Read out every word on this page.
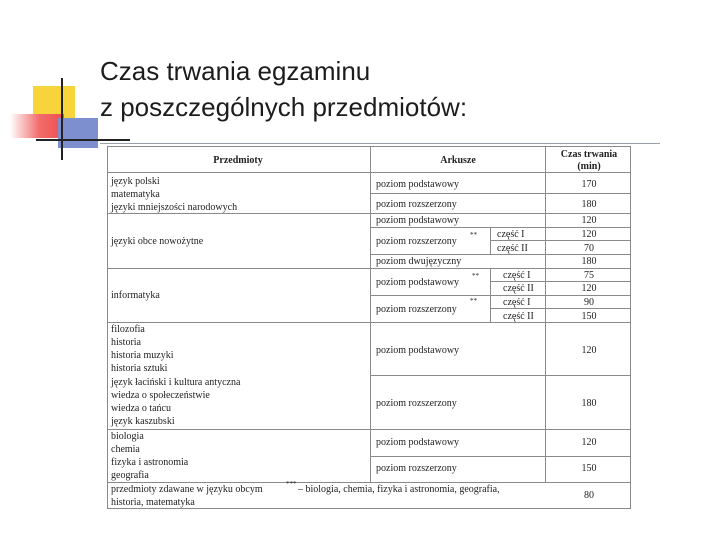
Czas trwania egzaminu
z poszczególnych przedmiotów:
Przedmioty	Arkusze
Czas trwania
(min)
język polski
matematyka
języki mniejszości narodowych
poziom podstawowy
poziom rozszerzony
170
180
języki obce nowożytne
poziom podstawowy
poziom rozszerzony
**
poziom dwujęzyczny
część I
część II
120
120
70
180
informatyka
poziom podstawowy
**
poziom rozszerzony
**
część I
część II
część I
część II
75
120
90
150
filozofia
historia
historia muzyki
historia sztuki
język łaciński i kultura antyczna
wiedza o społeczeństwie
wiedza o tańcu
język kaszubski
poziom podstawowy
poziom rozszerzony
120
180
biologia
chemia
fizyka i astronomia
geografia
poziom podstawowy
poziom rozszerzony
120
150
przedmioty zdawane w języku obcym	*** – biologia, chemia, fizyka i astronomia, geografia,
historia, matematyka
80
